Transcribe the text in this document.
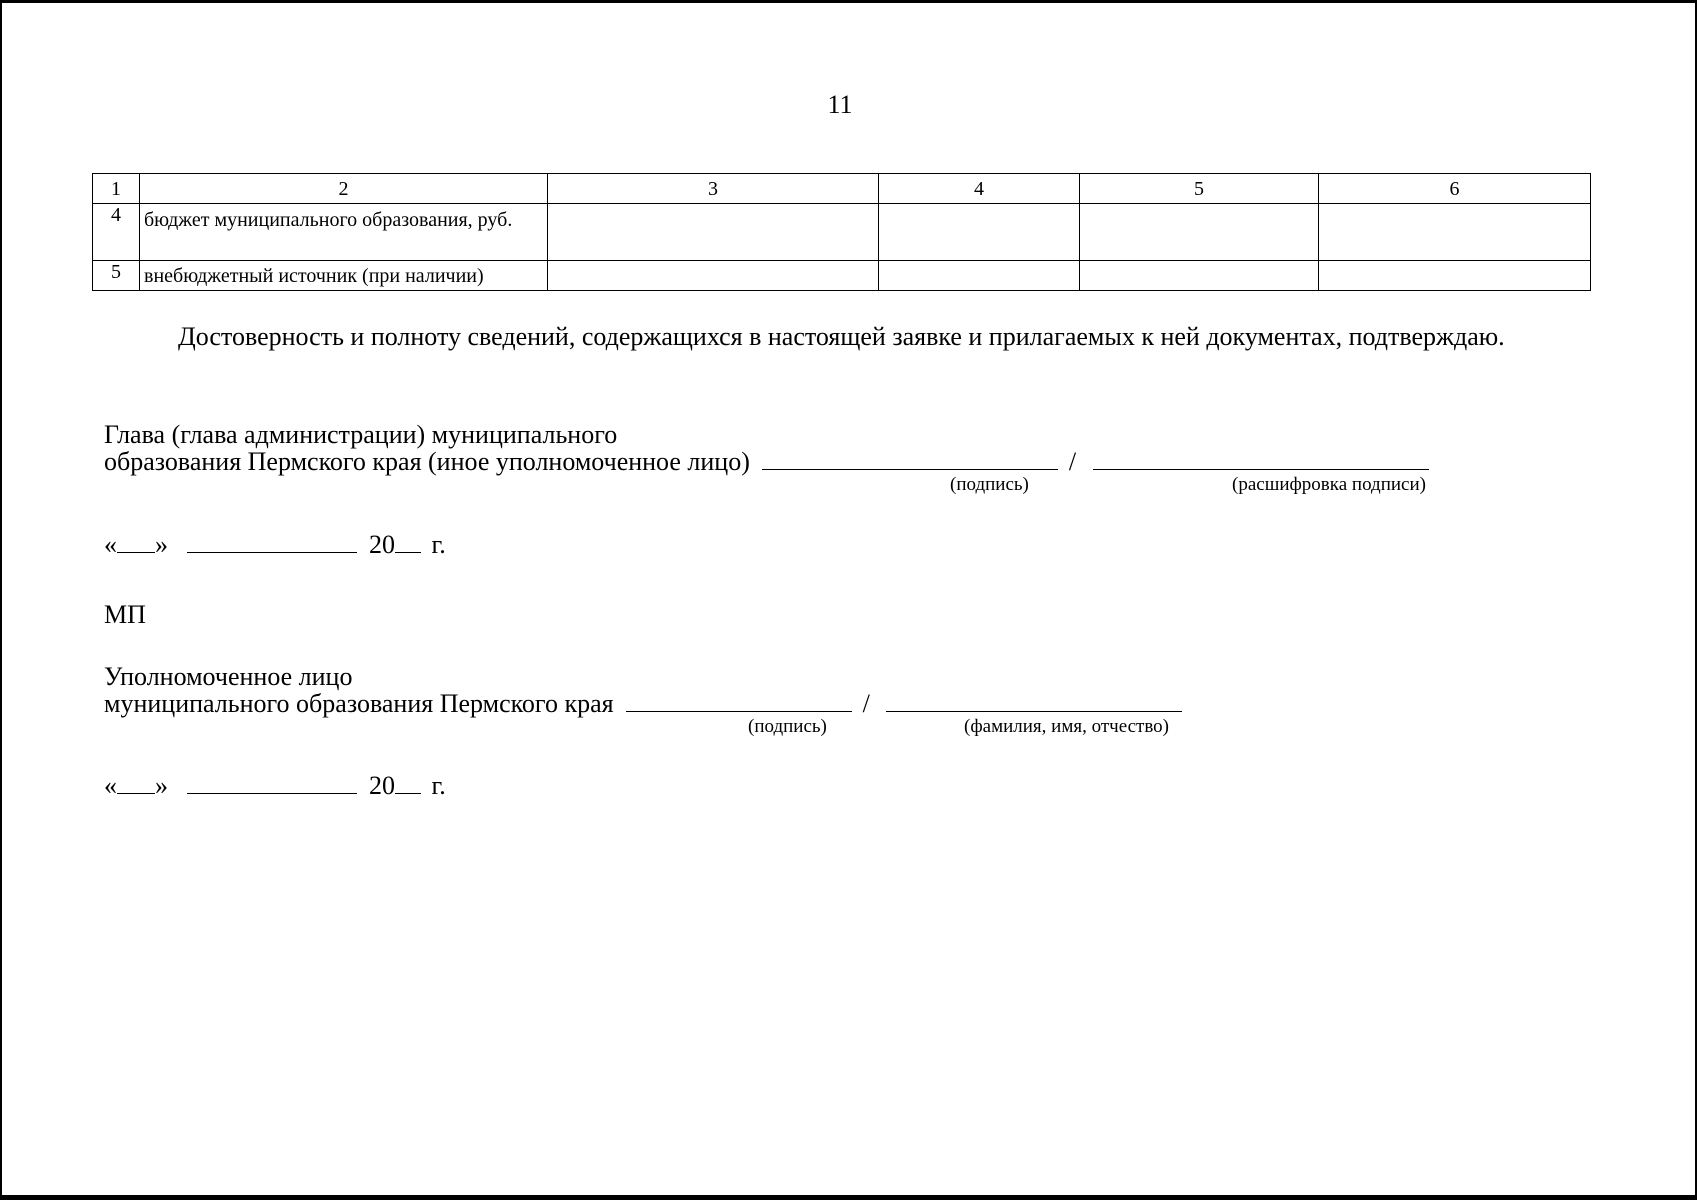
11
1	2	3	4	5	6
4	бюджет муниципального образования, руб.				
5	внебюджетный источник (при наличии)				
Достоверность и полноту сведений, содержащихся в настоящей заявке и прилагаемых к ней документах, подтверждаю.
Глава (глава администрации) муниципального
образования Пермского края (иное уполномоченное лицо)	/
(подпись)	(расшифровка подписи)
« »	20 г.
МП
Уполномоченное лицо
муниципального образования Пермского края	/
(подпись)	(фамилия, имя, отчество)
« »	20 г.
